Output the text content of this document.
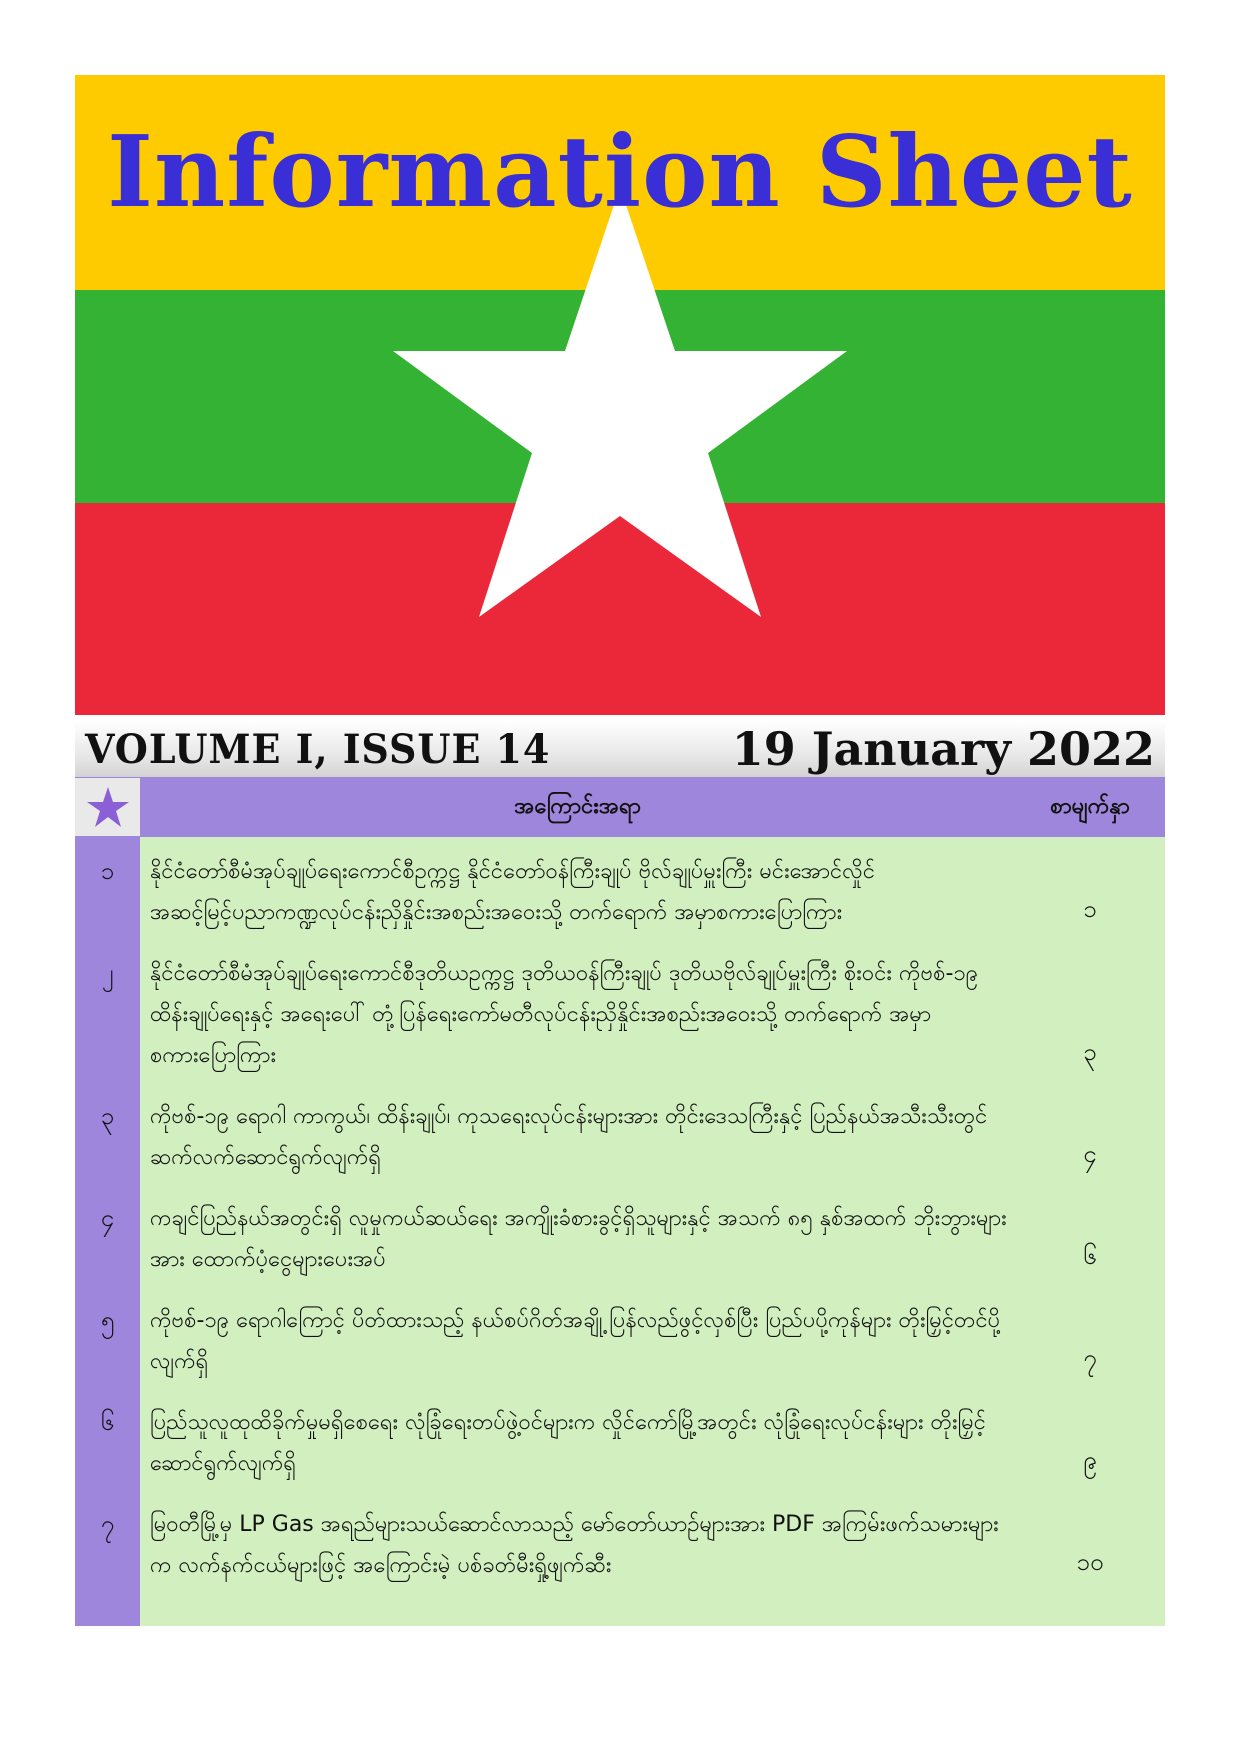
Information Sheet
VOLUME I, ISSUE 14	19 January 2022
	အကြောင်းအရာ	စာမျက်နှာ
၁	နိုင်ငံတော်စီမံအုပ်ချုပ်ရေးကောင်စီဥက္ကဋ္ဌ နိုင်ငံတော်ဝန်ကြီးချုပ် ဗိုလ်ချုပ်မှူးကြီး မင်းအောင်လှိုင် အဆင့်မြင့်ပညာကဏ္ဍလုပ်ငန်းညှိနှိုင်းအစည်းအဝေးသို့ တက်ရောက် အမှာစကားပြောကြား	၁
၂	နိုင်ငံတော်စီမံအုပ်ချုပ်ရေးကောင်စီဒုတိယဥက္ကဋ္ဌ ဒုတိယဝန်ကြီးချုပ် ဒုတိယဗိုလ်ချုပ်မှူးကြီး စိုးဝင်း ကိုဗစ်-၁၉ ထိန်းချုပ်ရေးနှင့် အရေးပေါ် တုံ့ပြန်ရေးကော်မတီလုပ်ငန်းညှိနှိုင်းအစည်းအဝေးသို့ တက်ရောက် အမှာစကားပြောကြား	၃
၃	ကိုဗစ်-၁၉ ရောဂါ ကာကွယ်၊ ထိန်းချုပ်၊ ကုသရေးလုပ်ငန်းများအား တိုင်းဒေသကြီးနှင့် ပြည်နယ်အသီးသီးတွင် ဆက်လက်ဆောင်ရွက်လျက်ရှိ	၄
၄	ကချင်ပြည်နယ်အတွင်းရှိ လူမှုကယ်ဆယ်ရေး အကျိုးခံစားခွင့်ရှိသူများနှင့် အသက် ၈၅ နှစ်အထက် ဘိုးဘွားများအား ထောက်ပံ့ငွေများပေးအပ်	၆
၅	ကိုဗစ်-၁၉ ရောဂါကြောင့် ပိတ်ထားသည့် နယ်စပ်ဂိတ်အချို့ ပြန်လည်ဖွင့်လှစ်ပြီး ပြည်ပပို့ကုန်များ တိုးမြှင့်တင်ပို့လျက်ရှိ	၇
၆	ပြည်သူလူထုထိခိုက်မှုမရှိစေရေး လုံခြုံရေးတပ်ဖွဲ့ဝင်များက လှိုင်ကော်မြို့အတွင်း လုံခြုံရေးလုပ်ငန်းများ တိုးမြှင့်ဆောင်ရွက်လျက်ရှိ	၉
၇	မြဝတီမြို့မှ LP Gas အရည်များသယ်ဆောင်လာသည့် မော်တော်ယာဉ်များအား PDF အကြမ်းဖက်သမားများက လက်နက်ငယ်များဖြင့် အကြောင်းမဲ့ ပစ်ခတ်မီးရှို့ဖျက်ဆီး	၁၀
